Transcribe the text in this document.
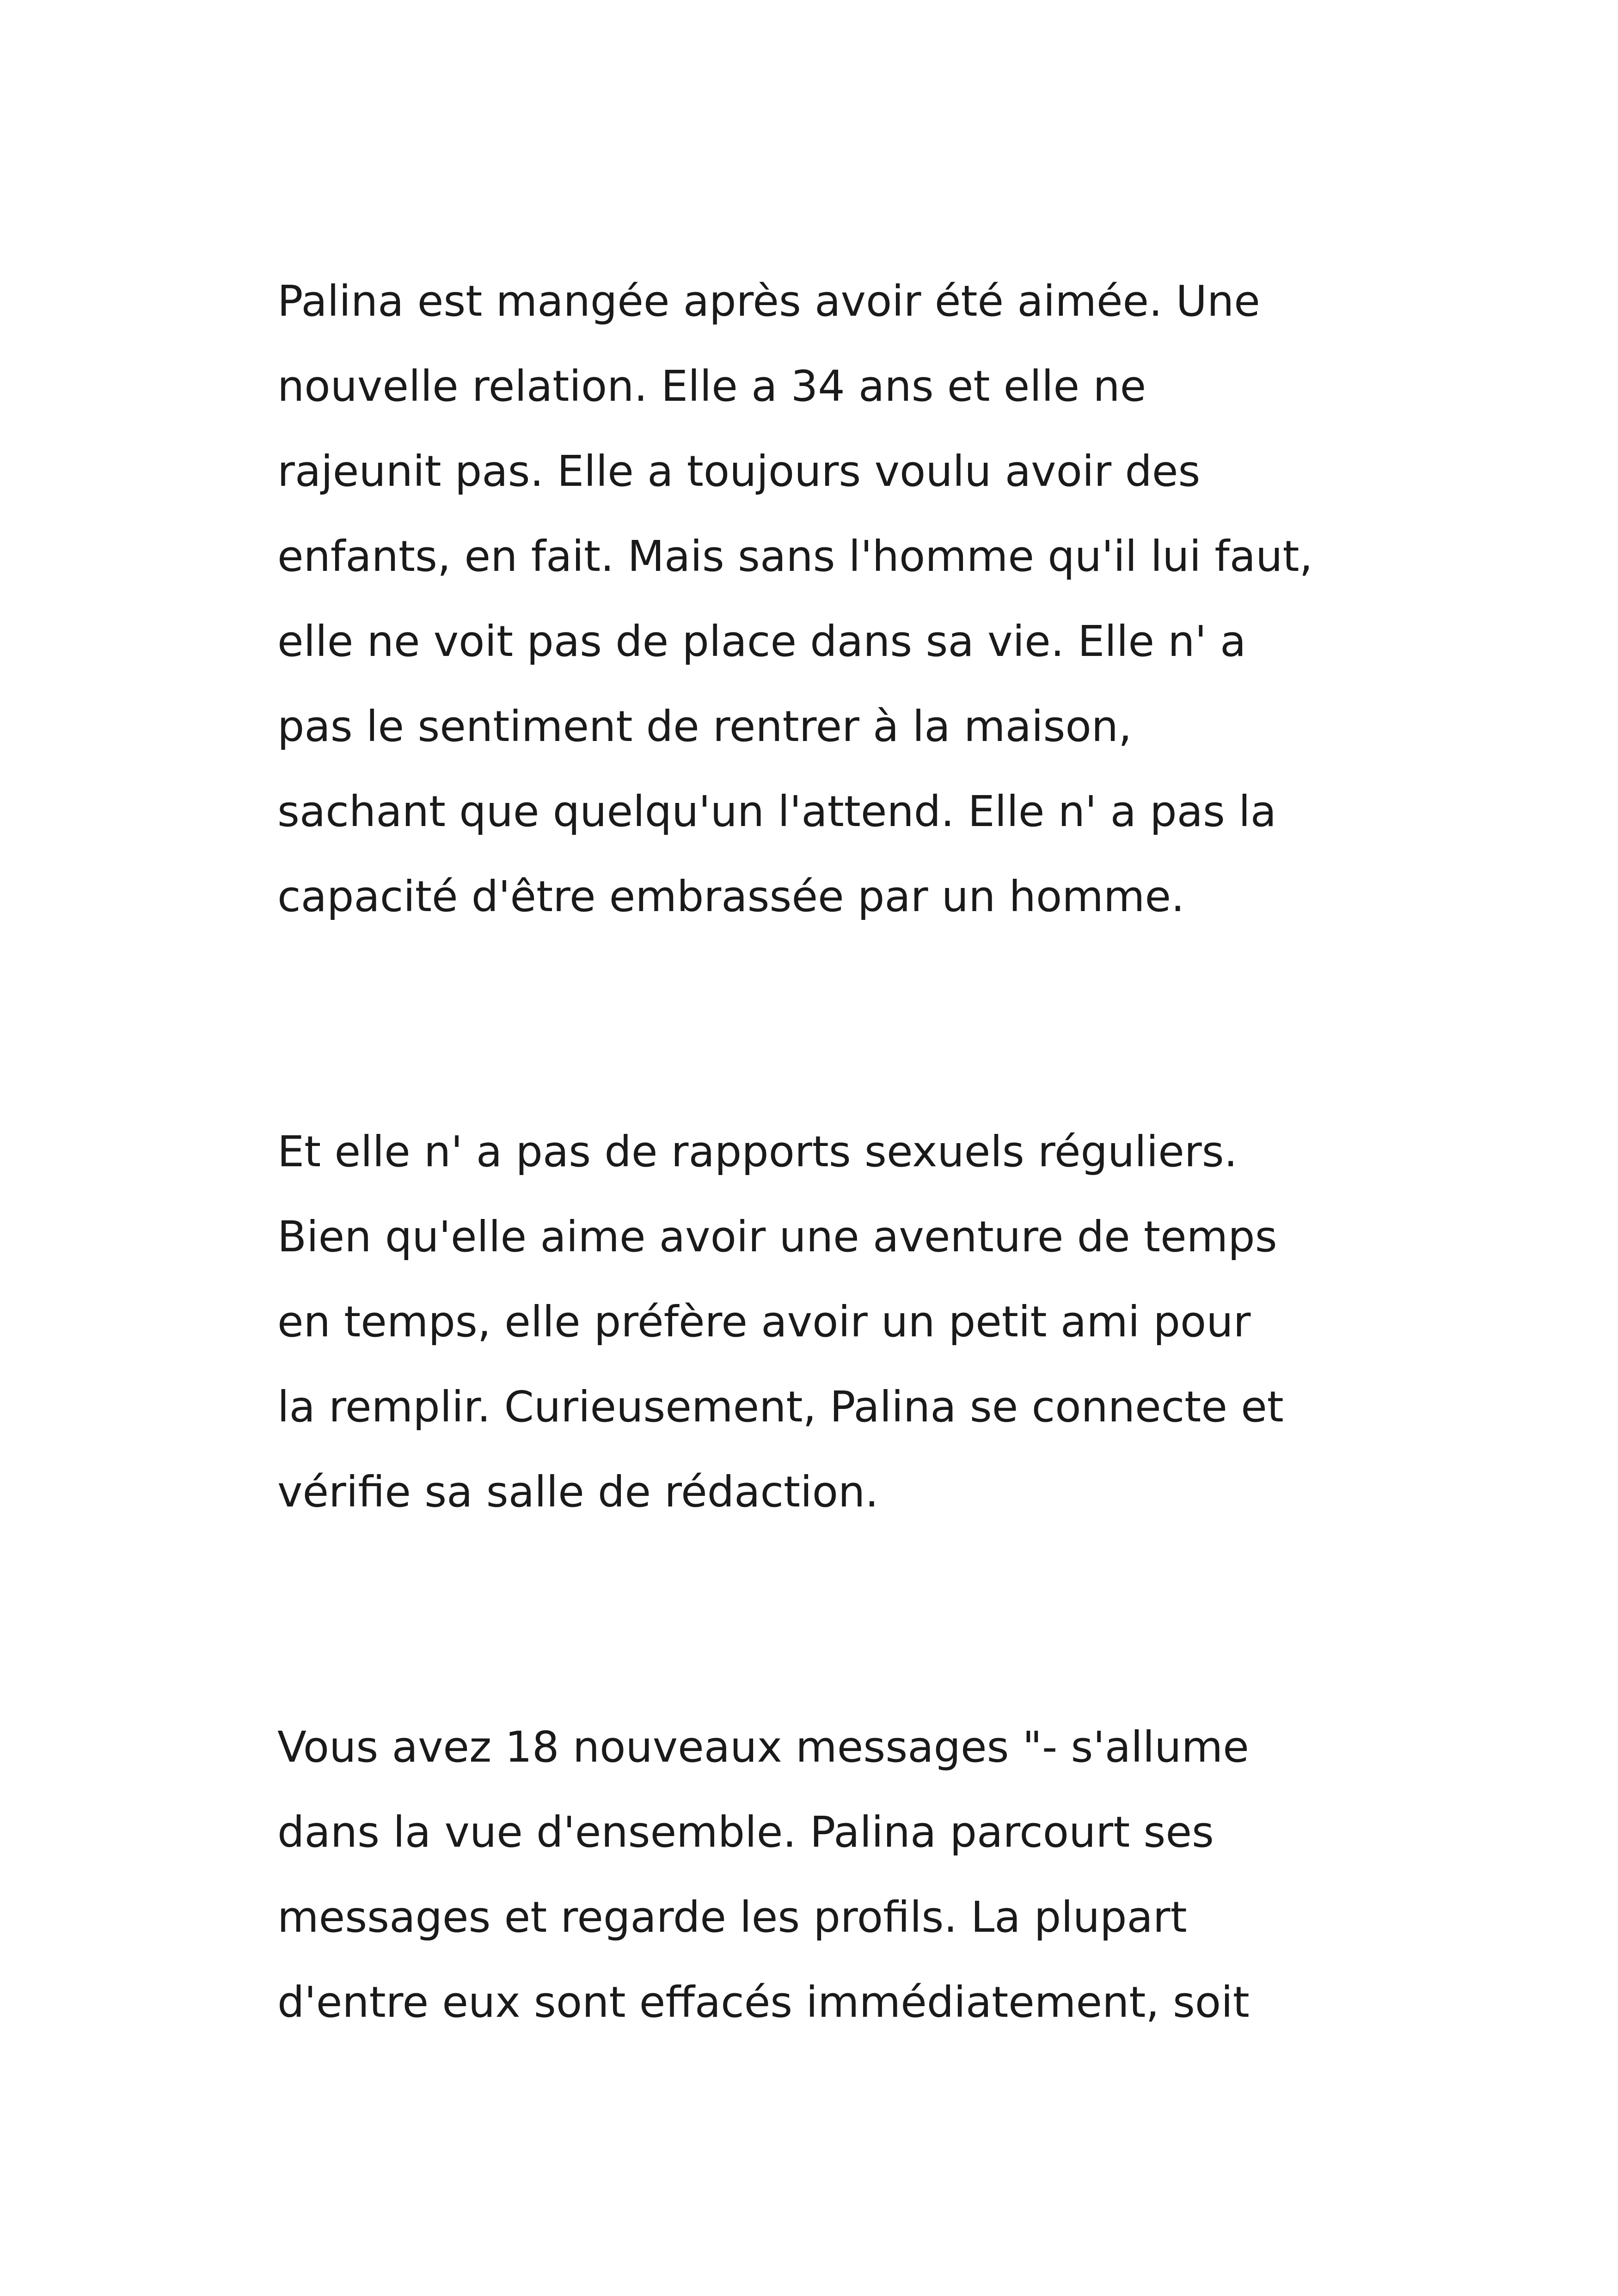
Palina est mangée après avoir été aimée. Une
nouvelle relation. Elle a 34 ans et elle ne
rajeunit pas. Elle a toujours voulu avoir des
enfants, en fait. Mais sans l'homme qu'il lui faut,
elle ne voit pas de place dans sa vie. Elle n' a
pas le sentiment de rentrer à la maison,
sachant que quelqu'un l'attend. Elle n' a pas la
capacité d'être embrassée par un homme.

Et elle n' a pas de rapports sexuels réguliers.
Bien qu'elle aime avoir une aventure de temps
en temps, elle préfère avoir un petit ami pour
la remplir. Curieusement, Palina se connecte et
vérifie sa salle de rédaction.

Vous avez 18 nouveaux messages "- s'allume
dans la vue d'ensemble. Palina parcourt ses
messages et regarde les profils. La plupart
d'entre eux sont effacés immédiatement, soit
